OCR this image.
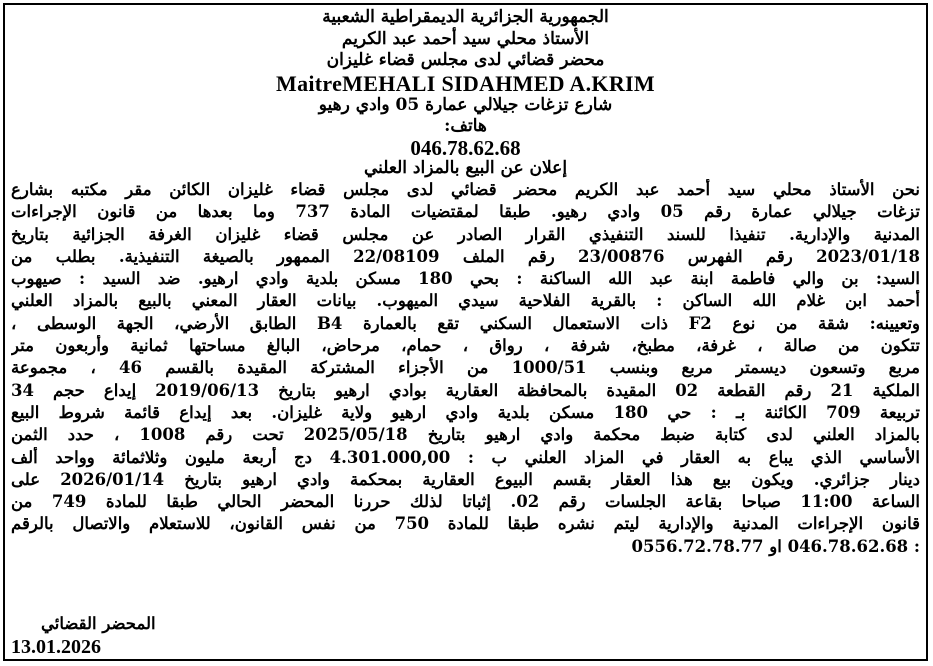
الجمهورية الجزائرية الديمقراطية الشعبية
الأستاذ محلي سيد أحمد عبد الكريم
محضر قضائي لدى مجلس قضاء غليزان
MaitreMEHALI SIDAHMED A.KRIM
شارع تزغات جيلالي عمارة 05 وادي رهيو
هاتف:
046.78.62.68
إعلان عن البيع بالمزاد العلني
نحن الأستاذ محلي سيد أحمد عبد الكريم محضر قضائي لدى مجلس قضاء غليزان الكائن مقر مكتبه بشارع
تزغات جيلالي عمارة رقم 05 وادي رهيو. طبقا لمقتضيات المادة 737 وما بعدها من قانون الإجراءات
المدنية والإدارية. تنفيذا للسند التنفيذي القرار الصادر عن مجلس قضاء غليزان الغرفة الجزائية بتاريخ
2023/01/18 رقم الفهرس 23/00876 رقم الملف 22/08109 الممهور بالصيغة التنفيذية. بطلب من
السيد: بن والي فاطمة ابنة عبد الله الساكنة : بحي 180 مسكن بلدية وادي ارهيو. ضد السيد : صيهوب
أحمد ابن غلام الله الساكن : بالقرية الفلاحية سيدي الميهوب. بيانات العقار المعني بالبيع بالمزاد العلني
وتعيينه: شقة من نوع F2 ذات الاستعمال السكني تقع بالعمارة B4 الطابق الأرضي، الجهة الوسطى ،
تتكون من صالة ، غرفة، مطبخ، شرفة ، رواق ، حمام، مرحاض، البالغ مساحتها ثمانية وأربعون متر
مربع وتسعون ديسمتر مربع وبنسب 1000/51 من الأجزاء المشتركة المقيدة بالقسم 46 ، مجموعة
الملكية 21 رقم القطعة 02 المقيدة بالمحافظة العقارية بوادي ارهيو بتاريخ 2019/06/13 إيداع حجم 34
تربيعة 709 الكائنة بـ : حي 180 مسكن بلدية وادي ارهيو ولاية غليزان. بعد إيداع قائمة شروط البيع
بالمزاد العلني لدى كتابة ضبط محكمة وادي ارهيو بتاريخ 2025/05/18 تحت رقم 1008 ، حدد الثمن
الأساسي الذي يباع به العقار في المزاد العلني ب : 4.301.000,00 دج أربعة مليون وثلاثمائة وواحد ألف
دينار جزائري. ويكون بيع هذا العقار بقسم البيوع العقارية بمحكمة وادي ارهيو بتاريخ 2026/01/14 على
الساعة 11:00 صباحا بقاعة الجلسات رقم 02. إثباتا لذلك حررنا المحضر الحالي طبقا للمادة 749 من
قانون الإجراءات المدنية والإدارية ليتم نشره طبقا للمادة 750 من نفس القانون، للاستعلام والاتصال بالرقم
: 046.78.62.68 او 0556.72.78.77
المحضر القضائي
13.01.2026
